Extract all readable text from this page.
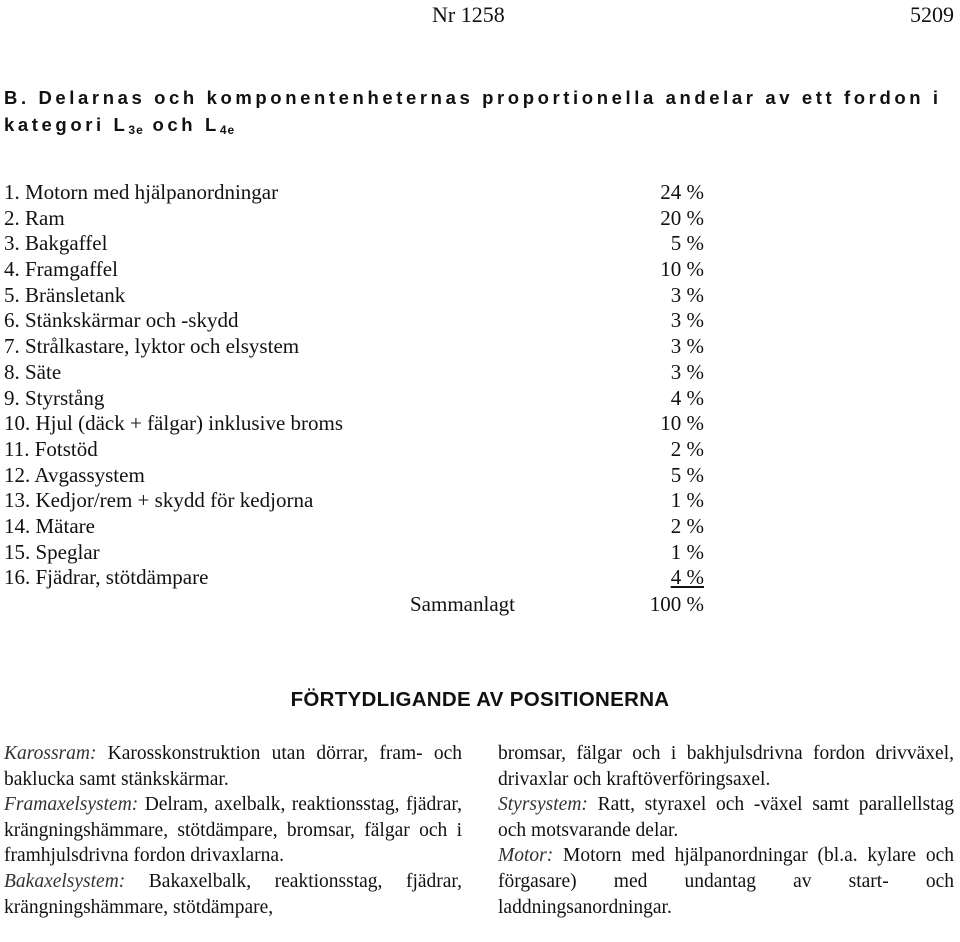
Nr 1258	5209
B. Delarnas och komponentenheternas proportionella andelar av ett fordon i kategori $L_{3e}$ och $L_{4e}$
1. Motorn med hjälpanordningar	24 %
2. Ram	20 %
3. Bakgaffel	5 %
4. Framgaffel	10 %
5. Bränsletank	3 %
6. Stänkskärmar och -skydd	3 %
7. Strålkastare, lyktor och elsystem	3 %
8. Säte	3 %
9. Styrstång	4 %
10. Hjul (däck + fälgar) inklusive broms	10 %
11. Fotstöd	2 %
12. Avgassystem	5 %
13. Kedjor/rem + skydd för kedjorna	1 %
14. Mätare	2 %
15. Speglar	1 %
16. Fjädrar, stötdämpare	4 %
Sammanlagt	100 %
FÖRTYDLIGANDE AV POSITIONERNA

Karossram: Karosskonstruktion utan dörrar, fram- och baklucka samt stänkskärmar.

Framaxelsystem: Delram, axelbalk, reaktionsstag, fjädrar, krängningshämmare, stötdämpare, bromsar, fälgar och i framhjulsdrivna fordon drivaxlarna.

Bakaxelsystem: Bakaxelbalk, reaktionsstag, fjädrar, krängningshämmare, stötdämpare,

bromsar, fälgar och i bakhjulsdrivna fordon drivväxel, drivaxlar och kraftöverföringsaxel.

Styrsystem: Ratt, styraxel och -växel samt parallellstag och motsvarande delar.

Motor: Motorn med hjälpanordningar (bl.a. kylare och förgasare) med undantag av start- och laddningsanordningar.
